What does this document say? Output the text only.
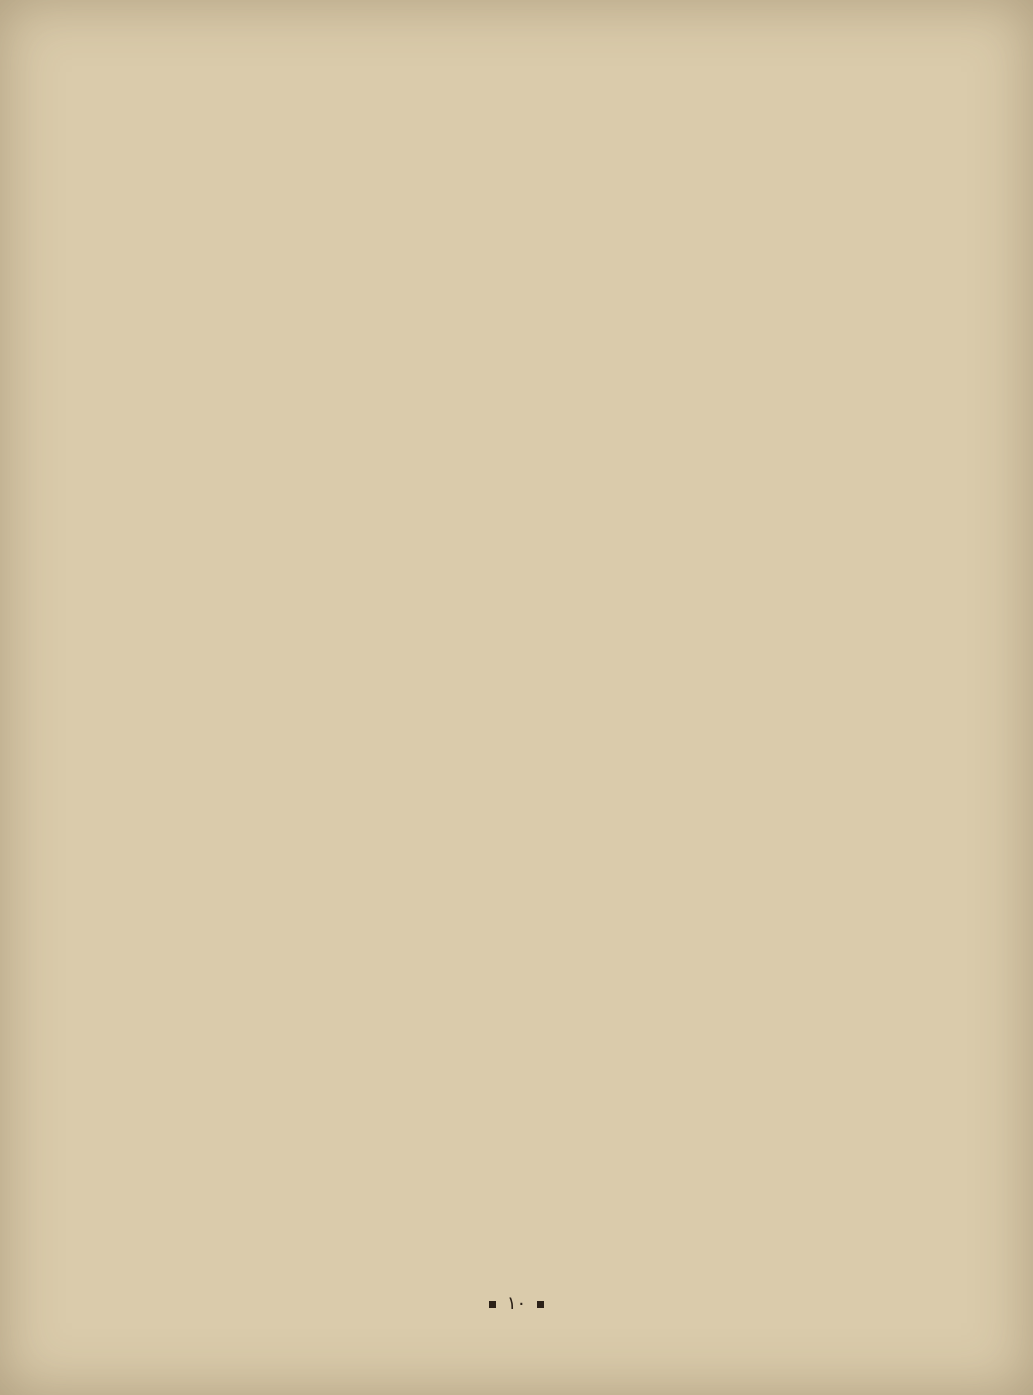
١٠
